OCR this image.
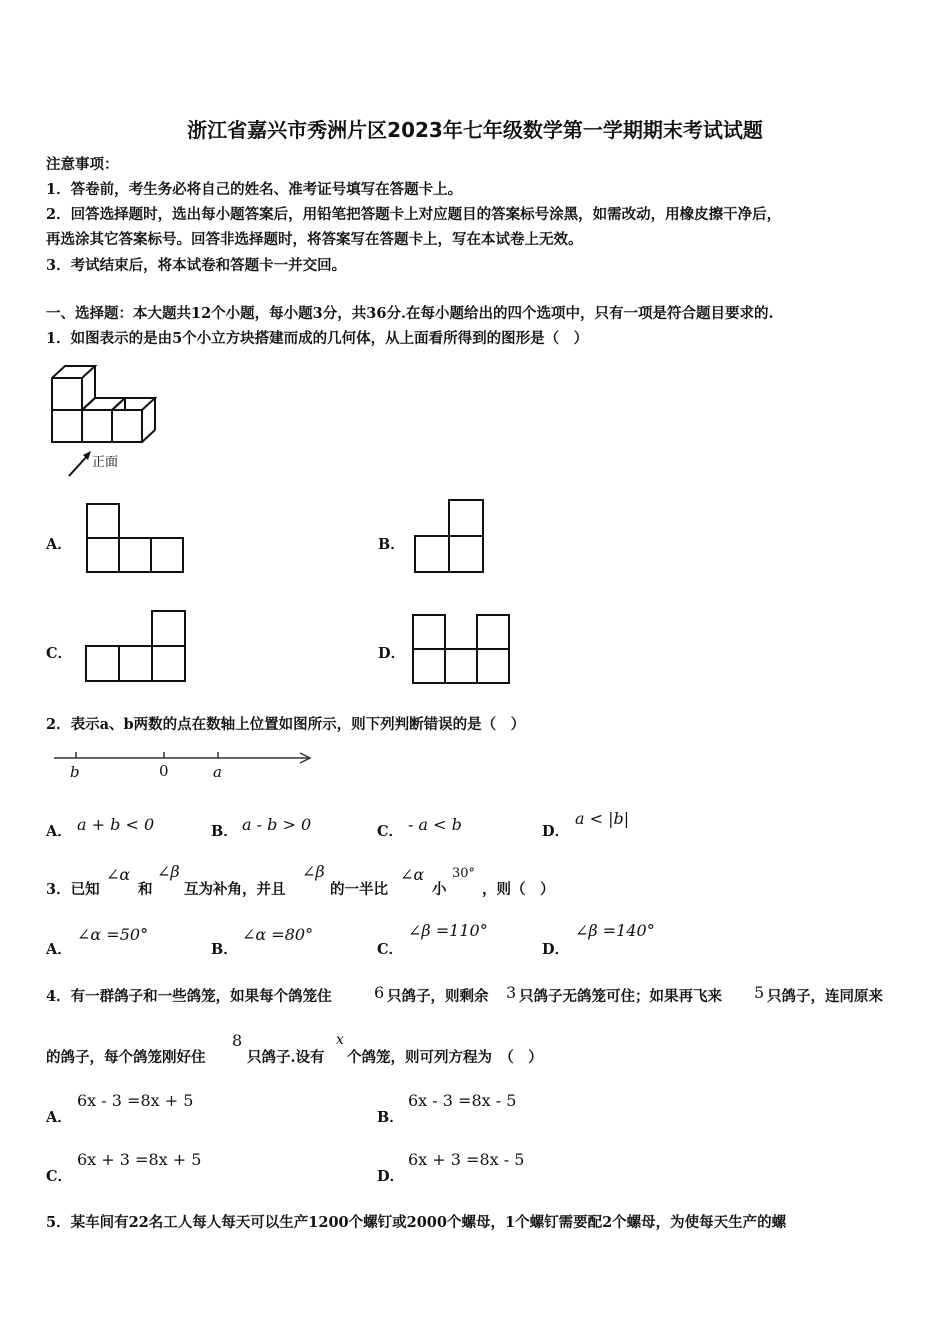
浙江省嘉兴市秀洲片区2023年七年级数学第一学期期末考试试题
注意事项：
1．答卷前，考生务必将自己的姓名、准考证号填写在答题卡上。
2．回答选择题时，选出每小题答案后，用铅笔把答题卡上对应题目的答案标号涂黑，如需改动，用橡皮擦干净后，
再选涂其它答案标号。回答非选择题时，将答案写在答题卡上，写在本试卷上无效。
3．考试结束后，将本试卷和答题卡一并交回。
一、选择题：本大题共12个小题，每小题3分，共36分.在每小题给出的四个选项中，只有一项是符合题目要求的.
1．如图表示的是由5个小立方块搭建而成的几何体，从上面看所得到的图形是（　）
正面
A．	B．
C．	D．
2．表示a、b两数的点在数轴上位置如图所示，则下列判断错误的是（　）
b	0	a
A． a + b < 0	B． a - b > 0	C． - a < b	D．
a < |b|
3．已知
∠α
和
∠β
互为补角，并且
∠β
的一半比
∠α
小
30°
，则（　）
A．
∠α =50°
B．
∠α =80°
C．
∠β =110°
D．
∠β =140°
4．有一群鸽子和一些鸽笼，如果每个鸽笼住	6 只鸽子，则剩余 3 只鸽子无鸽笼可住；如果再飞来 5 只鸽子，连同原来
的鸽子，每个鸽笼刚好住
8
只鸽子.设有
x
个鸽笼，则可列方程为　（　）
A．
6x - 3 =8x + 5
B．
6x - 3 =8x - 5
C．
6x + 3 =8x + 5
D．
6x + 3 =8x - 5
5．某车间有22名工人每人每天可以生产1200个螺钉或2000个螺母，1个螺钉需要配2个螺母，为使每天生产的螺
